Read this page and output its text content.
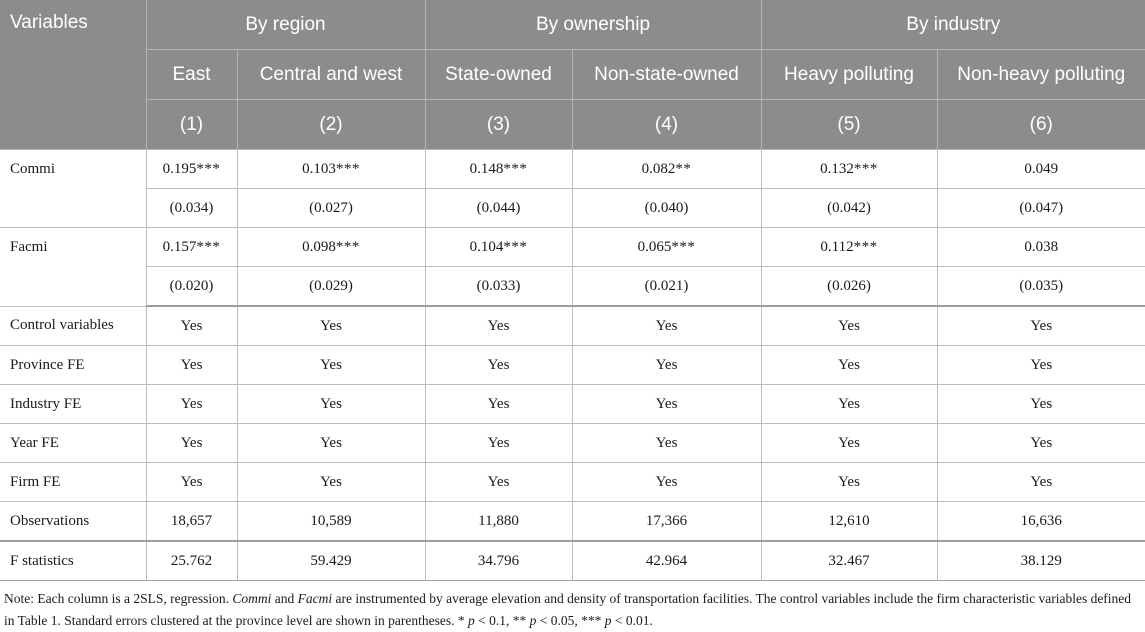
Variables	By region		By ownership		By industry	
	East	Central and west	State-owned	Non-state-owned	Heavy polluting	Non-heavy polluting
	(1)	(2)	(3)	(4)	(5)	(6)
Commi	0.195***	0.103***	0.148***	0.082**	0.132***	0.049
	(0.034)	(0.027)	(0.044)	(0.040)	(0.042)	(0.047)
Facmi	0.157***	0.098***	0.104***	0.065***	0.112***	0.038
	(0.020)	(0.029)	(0.033)	(0.021)	(0.026)	(0.035)
Control variables	Yes	Yes	Yes	Yes	Yes	Yes
Province FE	Yes	Yes	Yes	Yes	Yes	Yes
Industry FE	Yes	Yes	Yes	Yes	Yes	Yes
Year FE	Yes	Yes	Yes	Yes	Yes	Yes
Firm FE	Yes	Yes	Yes	Yes	Yes	Yes
Observations	18,657	10,589	11,880	17,366	12,610	16,636
F statistics	25.762	59.429	34.796	42.964	32.467	38.129
Note: Each column is a 2SLS, regression. Commi and Facmi are instrumented by average elevation and density of transportation facilities. The control variables include the firm characteristic variables defined in Table 1. Standard errors clustered at the province level are shown in parentheses. * p < 0.1, ** p < 0.05, *** p < 0.01.
